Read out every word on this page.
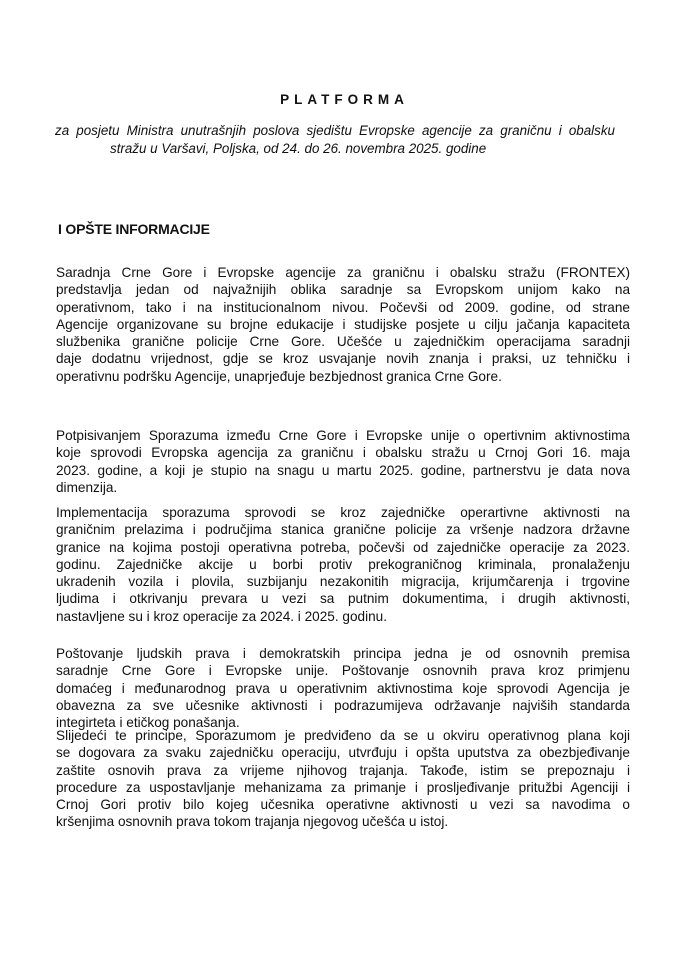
PLATFORMA
za posjetu Ministra unutrašnjih poslova sjedištu Evropske agencije za graničnu i obalsku
stražu u Varšavi, Poljska, od 24. do 26. novembra 2025. godine
I OPŠTE INFORMACIJE
Saradnja Crne Gore i Evropske agencije za graničnu i obalsku stražu (FRONTEX)
predstavlja jedan od najvažnijih oblika saradnje sa Evropskom unijom kako na
operativnom, tako i na institucionalnom nivou. Počevši od 2009. godine, od strane
Agencije organizovane su brojne edukacije i studijske posjete u cilju jačanja kapaciteta
službenika granične policije Crne Gore. Učešće u zajedničkim operacijama saradnji
daje dodatnu vrijednost, gdje se kroz usvajanje novih znanja i praksi, uz tehničku i
operativnu podršku Agencije, unaprjeđuje bezbjednost granica Crne Gore.
Potpisivanjem Sporazuma između Crne Gore i Evropske unije o opertivnim aktivnostima
koje sprovodi Evropska agencija za graničnu i obalsku stražu u Crnoj Gori 16. maja
2023. godine, a koji je stupio na snagu u martu 2025. godine, partnerstvu je data nova
dimenzija.
Implementacija sporazuma sprovodi se kroz zajedničke operartivne aktivnosti na
graničnim prelazima i područjima stanica granične policije za vršenje nadzora državne
granice na kojima postoji operativna potreba, počevši od zajedničke operacije za 2023.
godinu. Zajedničke akcije u borbi protiv prekograničnog kriminala, pronalaženju
ukradenih vozila i plovila, suzbijanju nezakonitih migracija, krijumčarenja i trgovine
ljudima i otkrivanju prevara u vezi sa putnim dokumentima, i drugih aktivnosti,
nastavljene su i kroz operacije za 2024. i 2025. godinu.
Poštovanje ljudskih prava i demokratskih principa jedna je od osnovnih premisa
saradnje Crne Gore i Evropske unije. Poštovanje osnovnih prava kroz primjenu
domaćeg i međunarodnog prava u operativnim aktivnostima koje sprovodi Agencija je
obavezna za sve učesnike aktivnosti i podrazumijeva održavanje najviših standarda
integirteta i etičkog ponašanja.
Slijedeći te principe, Sporazumom je predviđeno da se u okviru operativnog plana koji
se dogovara za svaku zajedničku operaciju, utvrđuju i opšta uputstva za obezbjeđivanje
zaštite osnovih prava za vrijeme njihovog trajanja. Takođe, istim se prepoznaju i
procedure za uspostavljanje mehanizama za primanje i prosljeđivanje pritužbi Agenciji i
Crnoj Gori protiv bilo kojeg učesnika operativne aktivnosti u vezi sa navodima o
kršenjima osnovnih prava tokom trajanja njegovog učešća u istoj.
